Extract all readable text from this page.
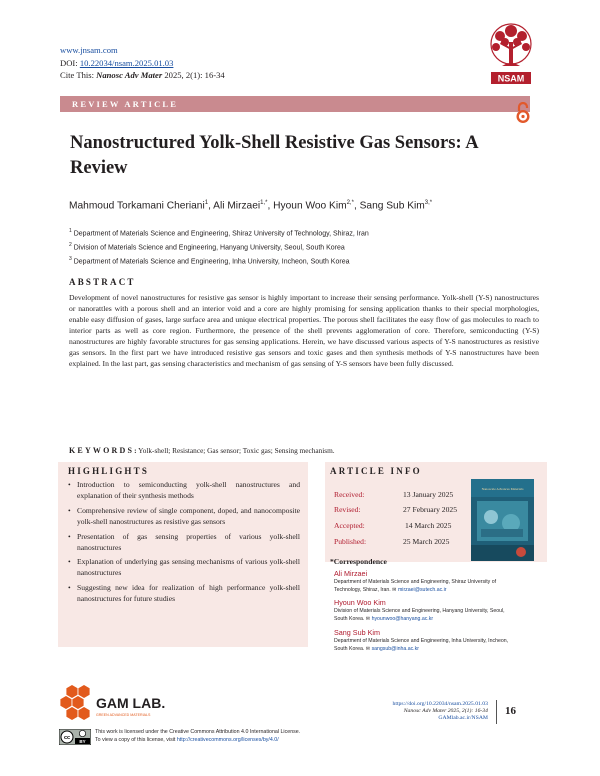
www.jnsam.com
DOI: 10.22034/nsam.2025.01.03
Cite This: Nanosc Adv Mater 2025, 2(1): 16-34	NSAM
REVIEW ARTICLE
Nanostructured Yolk-Shell Resistive Gas Sensors: A Review
Mahmoud Torkamani Cheriani$^1$, Ali Mirzaei$^{1,*}$, Hyoun Woo Kim$^{2,*}$, Sang Sub Kim$^{3,*}$
$^1$ Department of Materials Science and Engineering, Shiraz University of Technology, Shiraz, Iran
$^2$ Division of Materials Science and Engineering, Hanyang University, Seoul, South Korea
$^3$ Department of Materials Science and Engineering, Inha University, Incheon, South Korea
ABSTRACT
Development of novel nanostructures for resistive gas sensor is highly important to increase their sensing performance. Yolk-shell (Y-S) nanostructures or nanorattles with a porous shell and an interior void and a core are highly promising for sensing application thanks to their special morphologies, enable easy diffusion of gases, large surface area and unique electrical properties. The porous shell facilitates the easy flow of gas molecules to reach to interior parts as well as core region. Furthermore, the presence of the shell prevents agglomeration of core. Therefore, semiconducting (Y-S) nanostructures are highly favorable structures for gas sensing applications. Herein, we have discussed various aspects of Y-S nanostructures as resistive gas sensors. In the first part we have introduced resistive gas sensors and toxic gases and then synthesis methods of Y-S nanostructures have been explained. In the last part, gas sensing characteristics and mechanism of gas sensing of Y-S sensors have been fully discussed.
KEYWORDS: Yolk-shell; Resistance; Gas sensor; Toxic gas; Sensing mechanism.
HIGHLIGHTS
• Introduction to semiconducting yolk-shell nanostructures and explanation of their synthesis methods
• Comprehensive review of single component, doped, and nanocomposite yolk-shell nanostructures as resistive gas sensors
• Presentation of gas sensing properties of various yolk-shell nanostructures
• Explanation of underlying gas sensing mechanisms of various yolk-shell nanostructures
• Suggesting new idea for realization of high performance yolk-shell nanostructures for future studies
ARTICLE INFO
Received:	13 January 2025
Revised:	27 February 2025
Accepted:	14 March 2025
Published:	25 March 2025
Nanoscale Advances Materials
*Correspondence
Ali Mirzaei
Department of Materials Science and Engineering, Shiraz University of
Technology, Shiraz, Iran. ✉ mirzaei@sutech.ac.ir
Hyoun Woo Kim
Division of Materials Science and Engineering, Hanyang University, Seoul,
South Korea. ✉ hyounwoo@hanyang.ac.kr
Sang Sub Kim
Department of Materials Science and Engineering, Inha University, Incheon,
South Korea. ✉ sangsub@inha.ac.kr
GAM LAB.
GREEN ADVANCED MATERIALS
https://doi.org/10.22034/nsam.2025.01.03
Nanosc Adv Mater 2025, 2(1): 16-34
GAMlab.ac.ir/NSAM
16
cc
BY
This work is licensed under the Creative Commons Attribution 4.0 International License.
To view a copy of this license, visit http://creativecommons.org/licenses/by/4.0/
